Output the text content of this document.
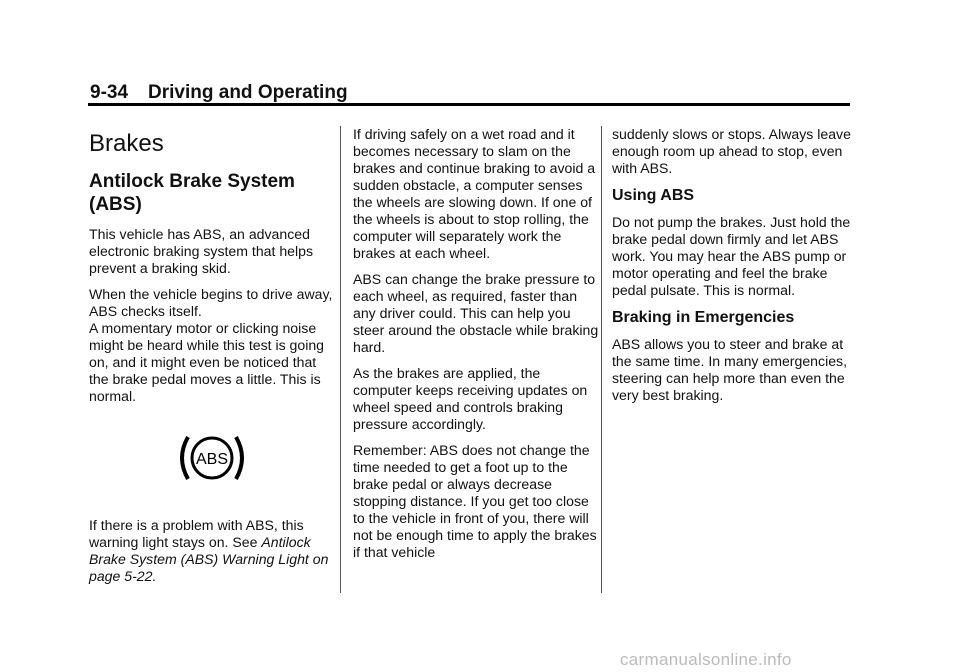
9-34 Driving and Operating
Brakes
Antilock Brake System (ABS)

This vehicle has ABS, an advanced electronic braking system that helps prevent a braking skid.

When the vehicle begins to drive away, ABS checks itself.
A momentary motor or clicking noise might be heard while this test is going on, and it might even be noticed that the brake pedal moves a little. This is normal.

ABS

If there is a problem with ABS, this warning light stays on. See Antilock Brake System (ABS) Warning Light on page 5-22.

If driving safely on a wet road and it becomes necessary to slam on the brakes and continue braking to avoid a sudden obstacle, a computer senses the wheels are slowing down. If one of the wheels is about to stop rolling, the computer will separately work the brakes at each wheel.

ABS can change the brake pressure to each wheel, as required, faster than any driver could. This can help you steer around the obstacle while braking hard.

As the brakes are applied, the computer keeps receiving updates on wheel speed and controls braking pressure accordingly.

Remember: ABS does not change the time needed to get a foot up to the brake pedal or always decrease stopping distance. If you get too close to the vehicle in front of you, there will not be enough time to apply the brakes if that vehicle

suddenly slows or stops. Always leave enough room up ahead to stop, even with ABS.

Using ABS

Do not pump the brakes. Just hold the brake pedal down firmly and let ABS work. You may hear the ABS pump or motor operating and feel the brake pedal pulsate. This is normal.

Braking in Emergencies

ABS allows you to steer and brake at the same time. In many emergencies, steering can help more than even the very best braking.

carmanualsonline.info
